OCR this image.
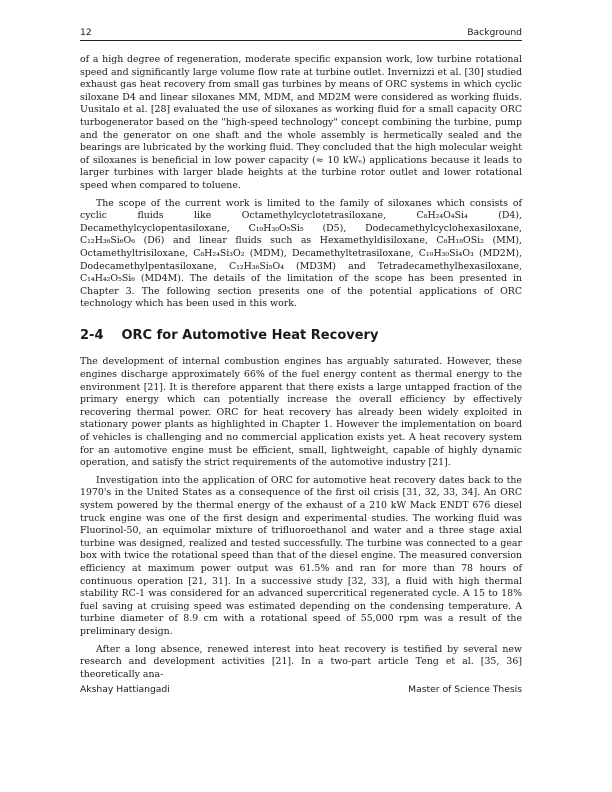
12	Background

of a high degree of regeneration, moderate specific expansion work, low turbine rotational speed and significantly large volume flow rate at turbine outlet. Invernizzi et al. [30] studied exhaust gas heat recovery from small gas turbines by means of ORC systems in which cyclic siloxane D4 and linear siloxanes MM, MDM, and MD2M were considered as working fluids. Uusitalo et al. [28] evaluated the use of siloxanes as working fluid for a small capacity ORC turbogenerator based on the "high-speed technology" concept combining the turbine, pump and the generator on one shaft and the whole assembly is hermetically sealed and the bearings are lubricated by the working fluid. They concluded that the high molecular weight of siloxanes is beneficial in low power capacity (≈ 10 kWₑ) applications because it leads to larger turbines with larger blade heights at the turbine rotor outlet and lower rotational speed when compared to toluene.

The scope of the current work is limited to the family of siloxanes which consists of cyclic fluids like Octamethylcyclotetrasiloxane, C₈H₂₄O₄Si₄ (D4), Decamethylcyclopentasiloxane, C₁₀H₃₀O₅Si₅ (D5), Dodecamethylcyclohexasiloxane, C₁₂H₃₆Si₆O₆ (D6) and linear fluids such as Hexamethyldisiloxane, C₆H₁₈OSi₂ (MM), Octamethyltrisiloxane, C₈H₂₄Si₃O₂ (MDM), Decamethyltetrasiloxane, C₁₀H₃₀Si₄O₃ (MD2M), Dodecamethylpentasiloxane, C₁₂H₃₆Si₅O₄ (MD3M) and Tetradecamethylhexasiloxane, C₁₄H₄₂O₅Si₆ (MD4M). The details of the limitation of the scope has been presented in Chapter 3. The following section presents one of the potential applications of ORC technology which has been used in this work.

2-4 ORC for Automotive Heat Recovery

The development of internal combustion engines has arguably saturated. However, these engines discharge approximately 66% of the fuel energy content as thermal energy to the environment [21]. It is therefore apparent that there exists a large untapped fraction of the primary energy which can potentially increase the overall efficiency by effectively recovering thermal power. ORC for heat recovery has already been widely exploited in stationary power plants as highlighted in Chapter 1. However the implementation on board of vehicles is challenging and no commercial application exists yet. A heat recovery system for an automotive engine must be efficient, small, lightweight, capable of highly dynamic operation, and satisfy the strict requirements of the automotive industry [21].

Investigation into the application of ORC for automotive heat recovery dates back to the 1970's in the United States as a consequence of the first oil crisis [31, 32, 33, 34]. An ORC system powered by the thermal energy of the exhaust of a 210 kW Mack ENDT 676 diesel truck engine was one of the first design and experimental studies. The working fluid was Fluorinol-50, an equimolar mixture of trifluoroethanol and water and a three stage axial turbine was designed, realized and tested successfully. The turbine was connected to a gear box with twice the rotational speed than that of the diesel engine. The measured conversion efficiency at maximum power output was 61.5% and ran for more than 78 hours of continuous operation [21, 31]. In a successive study [32, 33], a fluid with high thermal stability RC-1 was considered for an advanced supercritical regenerated cycle. A 15 to 18% fuel saving at cruising speed was estimated depending on the condensing temperature. A turbine diameter of 8.9 cm with a rotational speed of 55,000 rpm was a result of the preliminary design.

After a long absence, renewed interest into heat recovery is testified by several new research and development activities [21]. In a two-part article Teng et al. [35, 36] theoretically ana-

Akshay Hattiangadi	Master of Science Thesis
